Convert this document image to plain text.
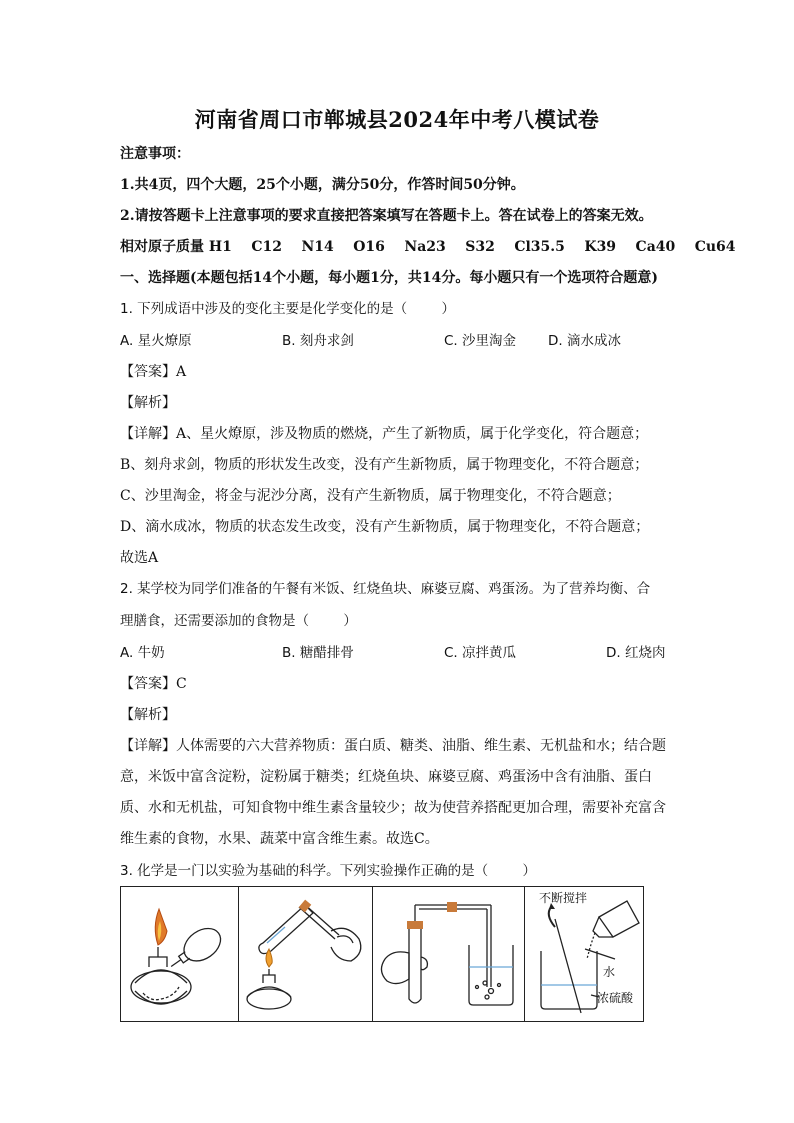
河南省周口市郸城县2024年中考八模试卷
注意事项：
1.共4页，四个大题，25个小题，满分50分，作答时间50分钟。
2.请按答题卡上注意事项的要求直接把答案填写在答题卡上。答在试卷上的答案无效。
相对原子质量 H1    C12    N14    O16    Na23    S32    Cl35.5    K39    Ca40    Cu64
一、选择题(本题包括14个小题，每小题1分，共14分。每小题只有一个选项符合题意)
1. 下列成语中涉及的变化主要是化学变化的是（        ）
A. 星火燎原	B. 刻舟求剑	C. 沙里淘金 D. 滴水成冰
【答案】A
【解析】
【详解】A、星火燎原，涉及物质的燃烧，产生了新物质，属于化学变化，符合题意；
B、刻舟求剑，物质的形状发生改变，没有产生新物质，属于物理变化，不符合题意；
C、沙里淘金，将金与泥沙分离，没有产生新物质，属于物理变化，不符合题意；
D、滴水成冰，物质的状态发生改变，没有产生新物质，属于物理变化，不符合题意；
故选A
2. 某学校为同学们准备的午餐有米饭、红烧鱼块、麻婆豆腐、鸡蛋汤。为了营养均衡、合
理膳食，还需要添加的食物是（        ）
A. 牛奶	B. 糖醋排骨	C. 凉拌黄瓜	D. 红烧肉
【答案】C
【解析】
【详解】人体需要的六大营养物质：蛋白质、糖类、油脂、维生素、无机盐和水；结合题
意，米饭中富含淀粉，淀粉属于糖类；红烧鱼块、麻婆豆腐、鸡蛋汤中含有油脂、蛋白
质、水和无机盐，可知食物中维生素含量较少；故为使营养搭配更加合理，需要补充富含
维生素的食物，水果、蔬菜中富含维生素。故选C。
3. 化学是一门以实验为基础的科学。下列实验操作正确的是（        ）
不断搅拌
水
浓硫酸
